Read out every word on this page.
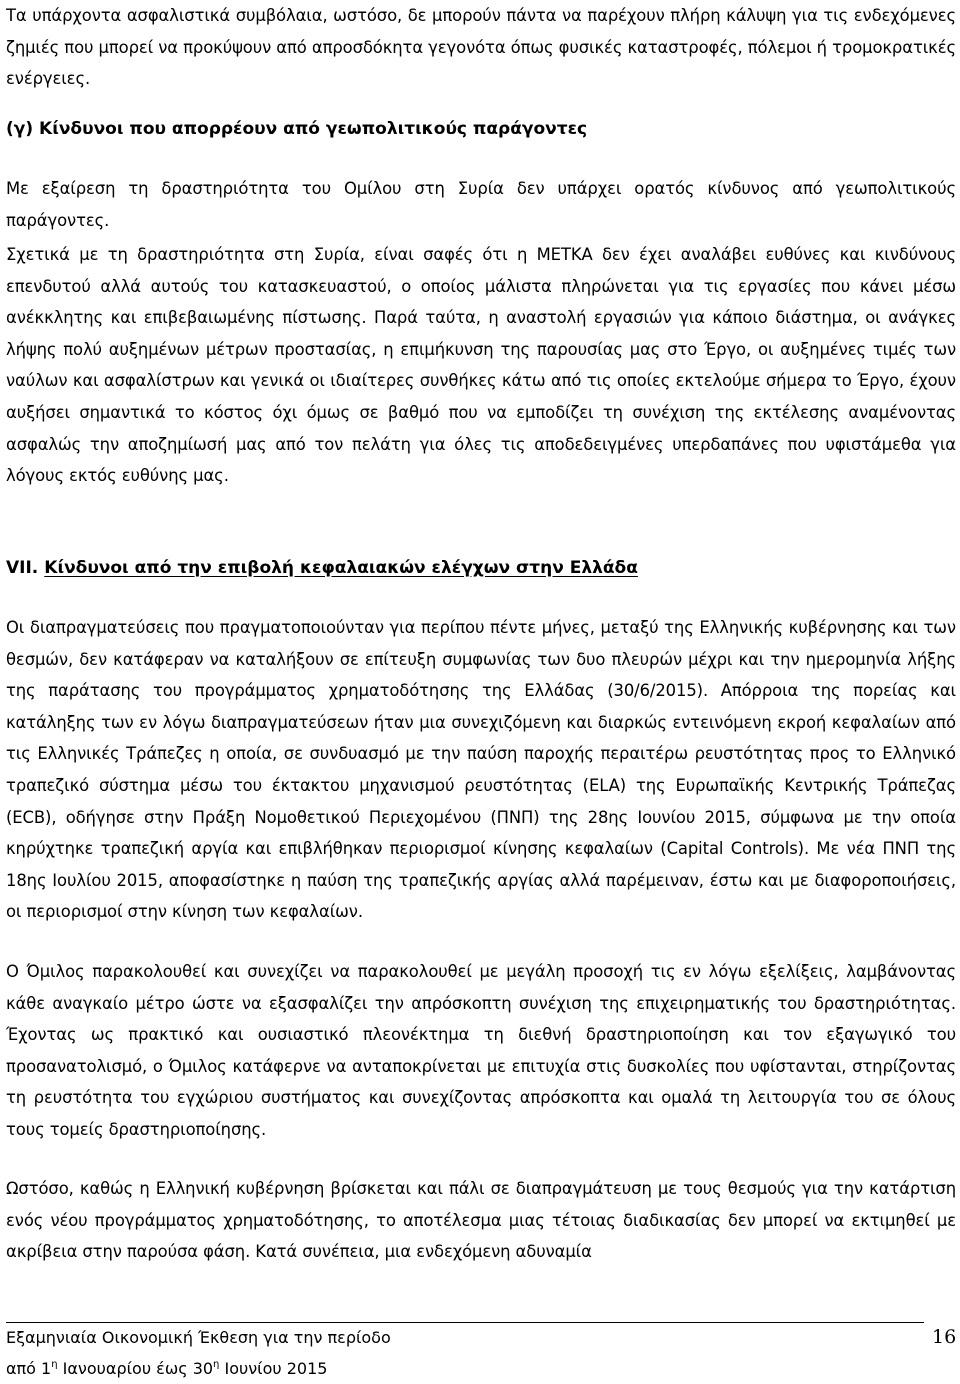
Τα υπάρχοντα ασφαλιστικά συμβόλαια, ωστόσο, δε μπορούν πάντα να παρέχουν πλήρη κάλυψη για τις ενδεχόμενες ζημιές που μπορεί να προκύψουν από απροσδόκητα γεγονότα όπως φυσικές καταστροφές, πόλεμοι ή τρομοκρατικές ενέργειες.

(γ) Κίνδυνοι που απορρέουν από γεωπολιτικούς παράγοντες

Με εξαίρεση τη δραστηριότητα του Ομίλου στη Συρία δεν υπάρχει ορατός κίνδυνος από γεωπολιτικούς παράγοντες.

Σχετικά με τη δραστηριότητα στη Συρία, είναι σαφές ότι η ΜΕΤΚΑ δεν έχει αναλάβει ευθύνες και κινδύνους επενδυτού αλλά αυτούς του κατασκευαστού, ο οποίος μάλιστα πληρώνεται για τις εργασίες που κάνει μέσω ανέκκλητης και επιβεβαιωμένης πίστωσης. Παρά ταύτα, η αναστολή εργασιών για κάποιο διάστημα, οι ανάγκες λήψης πολύ αυξημένων μέτρων προστασίας, η επιμήκυνση της παρουσίας μας στο Έργο, οι αυξημένες τιμές των ναύλων και ασφαλίστρων και γενικά οι ιδιαίτερες συνθήκες κάτω από τις οποίες εκτελούμε σήμερα το Έργο, έχουν αυξήσει σημαντικά το κόστος όχι όμως σε βαθμό που να εμποδίζει τη συνέχιση της εκτέλεσης αναμένοντας ασφαλώς την αποζημίωσή μας από τον πελάτη για όλες τις αποδεδειγμένες υπερδαπάνες που υφιστάμεθα για λόγους εκτός ευθύνης μας.

VII. Κίνδυνοι από την επιβολή κεφαλαιακών ελέγχων στην Ελλάδα

Οι διαπραγματεύσεις που πραγματοποιούνταν για περίπου πέντε μήνες, μεταξύ της Ελληνικής κυβέρνησης και των θεσμών, δεν κατάφεραν να καταλήξουν σε επίτευξη συμφωνίας των δυο πλευρών μέχρι και την ημερομηνία λήξης της παράτασης του προγράμματος χρηματοδότησης της Ελλάδας (30/6/2015). Απόρροια της πορείας και κατάληξης των εν λόγω διαπραγματεύσεων ήταν μια συνεχιζόμενη και διαρκώς εντεινόμενη εκροή κεφαλαίων από τις Ελληνικές Τράπεζες η οποία, σε συνδυασμό με την παύση παροχής περαιτέρω ρευστότητας προς το Ελληνικό τραπεζικό σύστημα μέσω του έκτακτου μηχανισμού ρευστότητας (ELA) της Ευρωπαϊκής Κεντρικής Τράπεζας (ECB), οδήγησε στην Πράξη Νομοθετικού Περιεχομένου (ΠΝΠ) της 28ης Ιουνίου 2015, σύμφωνα με την οποία κηρύχτηκε τραπεζική αργία και επιβλήθηκαν περιορισμοί κίνησης κεφαλαίων (Capital Controls). Με νέα ΠΝΠ της 18ης Ιουλίου 2015, αποφασίστηκε η παύση της τραπεζικής αργίας αλλά παρέμειναν, έστω και με διαφοροποιήσεις, οι περιορισμοί στην κίνηση των κεφαλαίων.

Ο Όμιλος παρακολουθεί και συνεχίζει να παρακολουθεί με μεγάλη προσοχή τις εν λόγω εξελίξεις, λαμβάνοντας κάθε αναγκαίο μέτρο ώστε να εξασφαλίζει την απρόσκοπτη συνέχιση της επιχειρηματικής του δραστηριότητας. Έχοντας ως πρακτικό και ουσιαστικό πλεονέκτημα τη διεθνή δραστηριοποίηση και τον εξαγωγικό του προσανατολισμό, ο Όμιλος κατάφερνε να ανταποκρίνεται με επιτυχία στις δυσκολίες που υφίστανται, στηρίζοντας τη ρευστότητα του εγχώριου συστήματος και συνεχίζοντας απρόσκοπτα και ομαλά τη λειτουργία του σε όλους τους τομείς δραστηριοποίησης.

Ωστόσο, καθώς η Ελληνική κυβέρνηση βρίσκεται και πάλι σε διαπραγμάτευση με τους θεσμούς για την κατάρτιση ενός νέου προγράμματος χρηματοδότησης, το αποτέλεσμα μιας τέτοιας διαδικασίας δεν μπορεί να εκτιμηθεί με ακρίβεια στην παρούσα φάση. Κατά συνέπεια, μια ενδεχόμενη αδυναμία

Εξαμηνιαία Οικονομική Έκθεση για την περίοδο
από $1^\eta$ Ιανουαρίου έως $30^\eta$ Ιουνίου 2015
16
